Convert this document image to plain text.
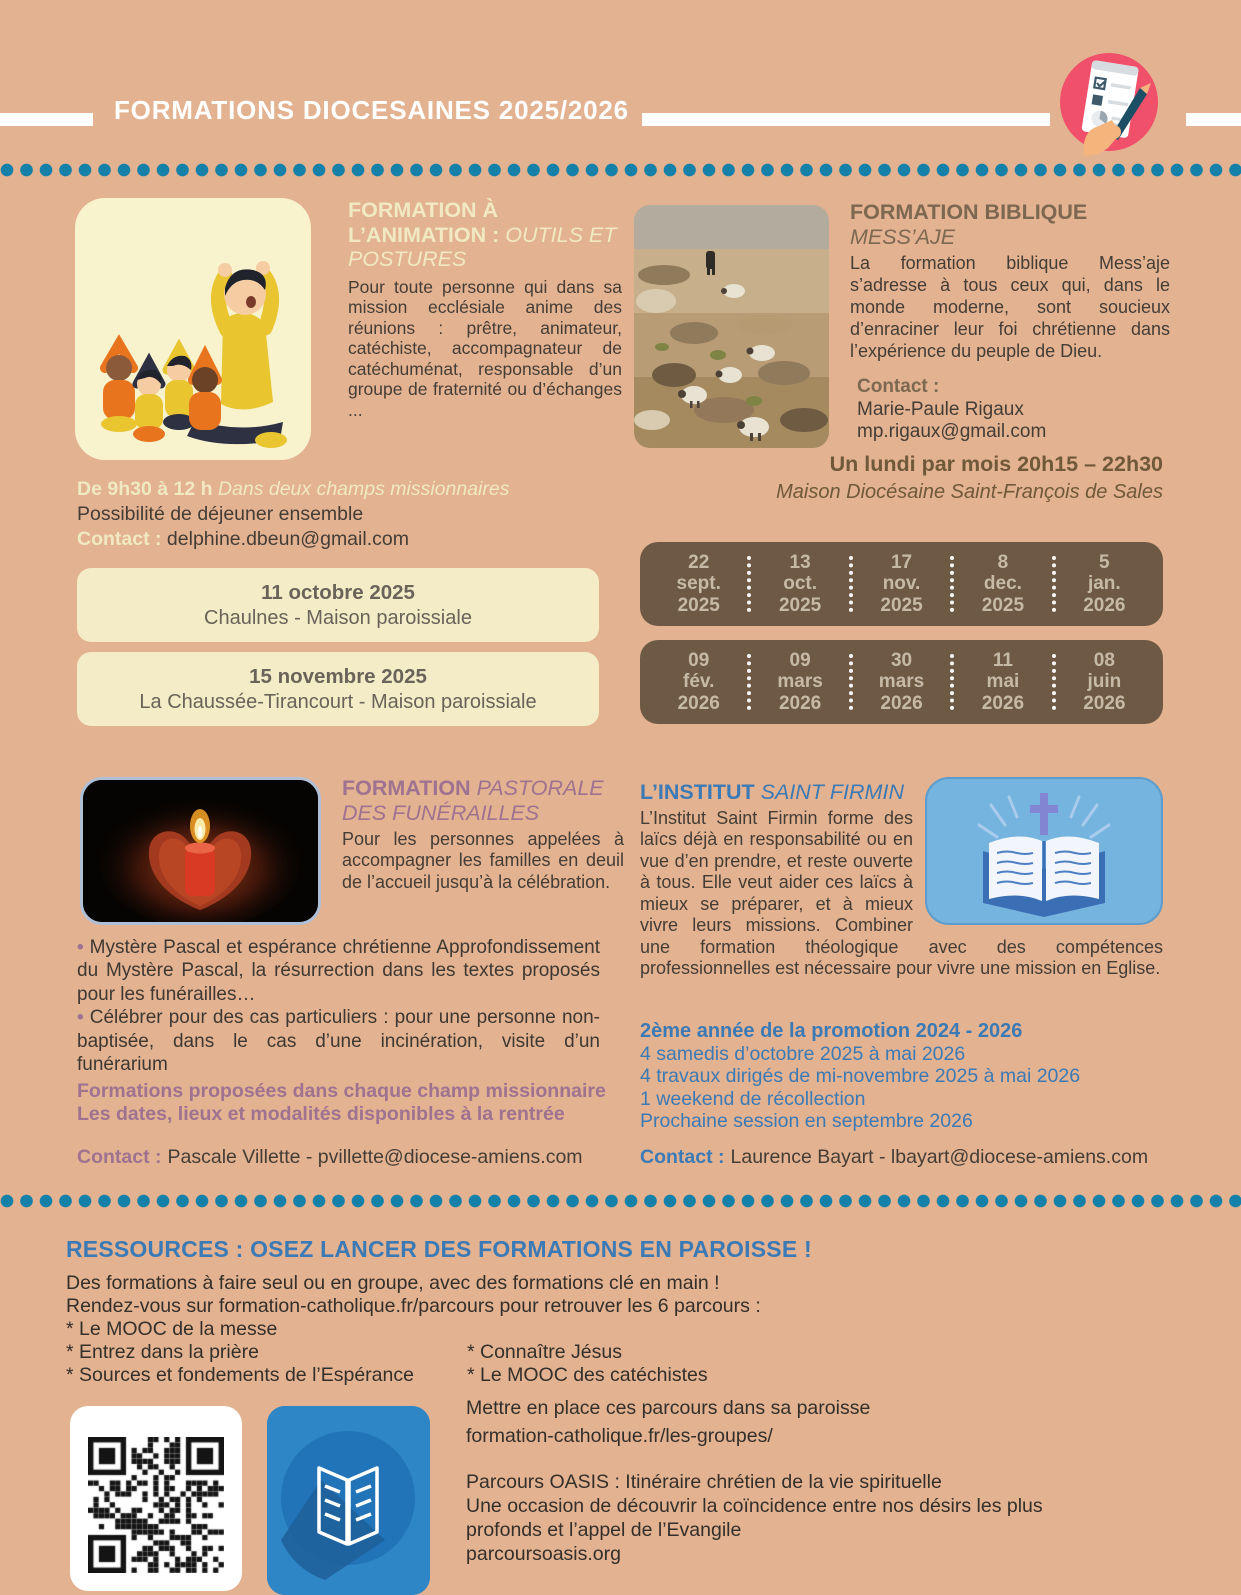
FORMATIONS DIOCESAINES 2025/2026
FORMATION À L’ANIMATION : OUTILS ET POSTURES
Pour toute personne qui dans sa mission ecclésiale anime des réunions : prêtre, animateur, catéchiste, accompagnateur de catéchuménat, responsable d’un groupe de fraternité ou d’échanges ...
De 9h30 à 12 h Dans deux champs missionnaires
Possibilité de déjeuner ensemble
Contact : delphine.dbeun@gmail.com
11 octobre 2025
Chaulnes - Maison paroissiale
15 novembre 2025
La Chaussée-Tirancourt - Maison paroissiale
FORMATION BIBLIQUE
MESS’AJE
La formation biblique Mess’aje s’adresse à tous ceux qui, dans le monde moderne, sont soucieux d’enraciner leur foi chrétienne dans l’expérience du peuple de Dieu.
Contact :
Marie-Paule Rigaux
mp.rigaux@gmail.com
Un lundi par mois 20h15 – 22h30
Maison Diocésaine Saint-François de Sales
22
sept.
2025
13
oct.
2025
17
nov.
2025
8
dec.
2025
5
jan.
2026
09
fév.
2026
09
mars
2026
30
mars
2026
11
mai
2026
08
juin
2026
FORMATION PASTORALE DES FUNÉRAILLES
Pour les personnes appelées à accompagner les familles en deuil de l’accueil jusqu’à la célébration.

• Mystère Pascal et espérance chrétienne Approfondissement du Mystère Pascal, la résurrection dans les textes proposés pour les funérailles…

• Célébrer pour des cas particuliers : pour une personne non-baptisée, dans le cas d’une incinération, visite d’un funérarium

Formations proposées dans chaque champ missionnaire
Les dates, lieux et modalités disponibles à la rentrée
Contact : Pascale Villette - pvillette@diocese-amiens.com
L’INSTITUT SAINT FIRMIN
L’Institut Saint Firmin forme des laïcs déjà en responsabilité ou en vue d’en prendre, et reste ouverte à tous. Elle veut aider ces laïcs à mieux se préparer, et à mieux vivre leurs missions. Combiner une formation théologique avec des compétences professionnelles est nécessaire pour vivre une mission en Eglise.
2ème année de la promotion 2024 - 2026
4 samedis d’octobre 2025 à mai 2026
4 travaux dirigés de mi-novembre 2025 à mai 2026
1 weekend de récollection
Prochaine session en septembre 2026
Contact : Laurence Bayart - lbayart@diocese-amiens.com

RESSOURCES : OSEZ LANCER DES FORMATIONS EN PAROISSE !

Des formations à faire seul ou en groupe, avec des formations clé en main !

Rendez-vous sur formation-catholique.fr/parcours pour retrouver les 6 parcours :

* Le MOOC de la messe

* Entrez dans la prière	* Connaître Jésus
* Sources et fondements de l’Espérance	* Le MOOC des catéchistes

Mettre en place ces parcours dans sa paroisse

formation-catholique.fr/les-groupes/

Parcours OASIS : Itinéraire chrétien de la vie spirituelle

Une occasion de découvrir la coïncidence entre nos désirs les plus profonds et l’appel de l’Evangile

parcoursoasis.org
